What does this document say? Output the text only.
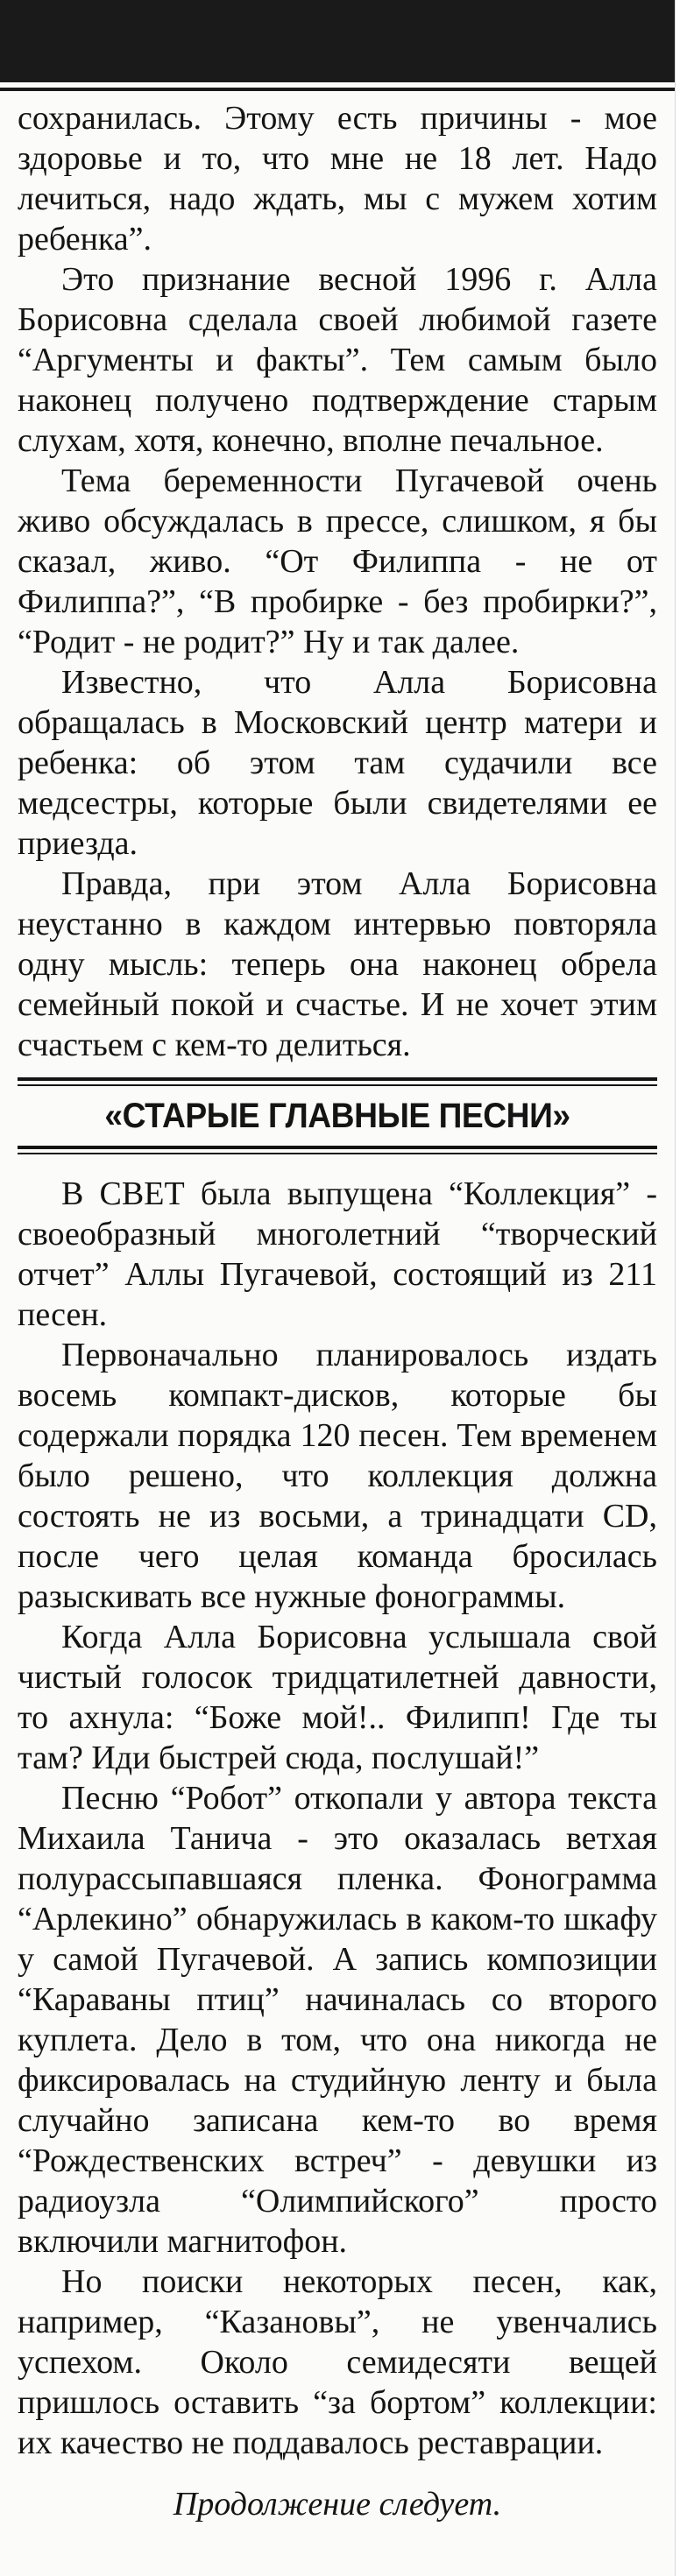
сохранилась. Этому есть причины - мое здоровье и то, что мне не 18 лет. Надо лечиться, надо ждать, мы с мужем хотим ребенка”.

Это признание весной 1996 г. Алла Борисовна сделала своей любимой газете “Аргументы и факты”. Тем самым было наконец получено подтверждение старым слухам, хотя, конечно, вполне печальное.

Тема беременности Пугачевой очень живо обсуждалась в прессе, слишком, я бы сказал, живо. “От Филиппа - не от Филиппа?”, “В пробирке - без пробирки?”, “Родит - не родит?” Ну и так далее.

Известно, что Алла Борисовна обращалась в Московский центр матери и ребенка: об этом там судачили все медсестры, которые были свидетелями ее приезда.

Правда, при этом Алла Борисовна неустанно в каждом интервью повторяла одну мысль: теперь она наконец обрела семейный покой и счастье. И не хочет этим счастьем с кем-то делиться.

«СТАРЫЕ ГЛАВНЫЕ ПЕСНИ»

В СВЕТ была выпущена “Коллекция” - своеобразный многолетний “творческий отчет” Аллы Пугачевой, состоящий из 211 песен.

Первоначально планировалось издать восемь компакт-дисков, которые бы содержали порядка 120 песен. Тем временем было решено, что коллекция должна состоять не из восьми, а тринадцати CD, после чего целая команда бросилась разыскивать все нужные фонограммы.

Когда Алла Борисовна услышала свой чистый голосок тридцатилетней давности, то ахнула: “Боже мой!.. Филипп! Где ты там? Иди быстрей сюда, послушай!”

Песню “Робот” откопали у автора текста Михаила Танича - это оказалась ветхая полурассыпавшаяся пленка. Фонограмма “Арлекино” обнаружилась в каком-то шкафу у самой Пугачевой. А запись композиции “Караваны птиц” начиналась со второго куплета. Дело в том, что она никогда не фиксировалась на студийную ленту и была случайно записана кем-то во время “Рождественских встреч” - девушки из радиоузла “Олимпийского” просто включили магнитофон.

Но поиски некоторых песен, как, например, “Казановы”, не увенчались успехом. Около семидесяти вещей пришлось оставить “за бортом” коллекции: их качество не поддавалось реставрации.

Продолжение следует.
